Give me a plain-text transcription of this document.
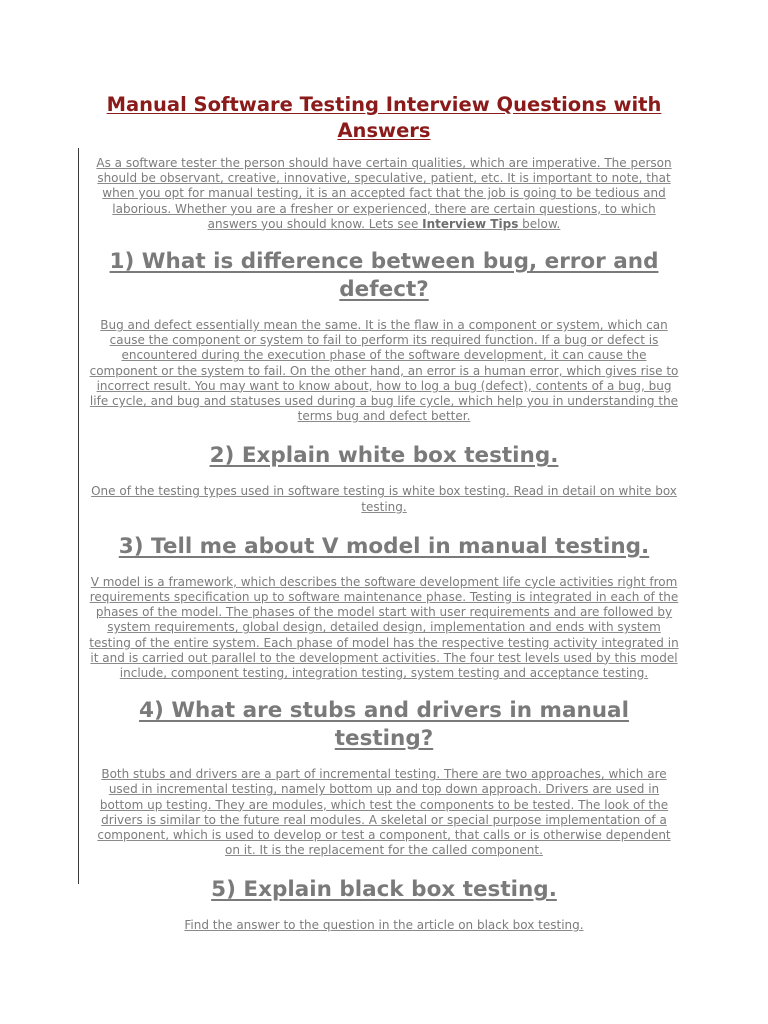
Manual Software Testing Interview Questions with Answers

As a software tester the person should have certain qualities, which are imperative. The person should be observant, creative, innovative, speculative, patient, etc. It is important to note, that when you opt for manual testing, it is an accepted fact that the job is going to be tedious and laborious. Whether you are a fresher or experienced, there are certain questions, to which answers you should know. Lets see Interview Tips below.

1) What is difference between bug, error and defect?

Bug and defect essentially mean the same. It is the flaw in a component or system, which can cause the component or system to fail to perform its required function. If a bug or defect is encountered during the execution phase of the software development, it can cause the component or the system to fail. On the other hand, an error is a human error, which gives rise to incorrect result. You may want to know about, how to log a bug (defect), contents of a bug, bug life cycle, and bug and statuses used during a bug life cycle, which help you in understanding the terms bug and defect better.

2) Explain white box testing.

One of the testing types used in software testing is white box testing. Read in detail on white box testing.

3) Tell me about V model in manual testing.

V model is a framework, which describes the software development life cycle activities right from requirements specification up to software maintenance phase. Testing is integrated in each of the phases of the model. The phases of the model start with user requirements and are followed by system requirements, global design, detailed design, implementation and ends with system testing of the entire system. Each phase of model has the respective testing activity integrated in it and is carried out parallel to the development activities. The four test levels used by this model include, component testing, integration testing, system testing and acceptance testing.

4) What are stubs and drivers in manual testing?

Both stubs and drivers are a part of incremental testing. There are two approaches, which are used in incremental testing, namely bottom up and top down approach. Drivers are used in bottom up testing. They are modules, which test the components to be tested. The look of the drivers is similar to the future real modules. A skeletal or special purpose implementation of a component, which is used to develop or test a component, that calls or is otherwise dependent on it. It is the replacement for the called component.

5) Explain black box testing.

Find the answer to the question in the article on black box testing.
